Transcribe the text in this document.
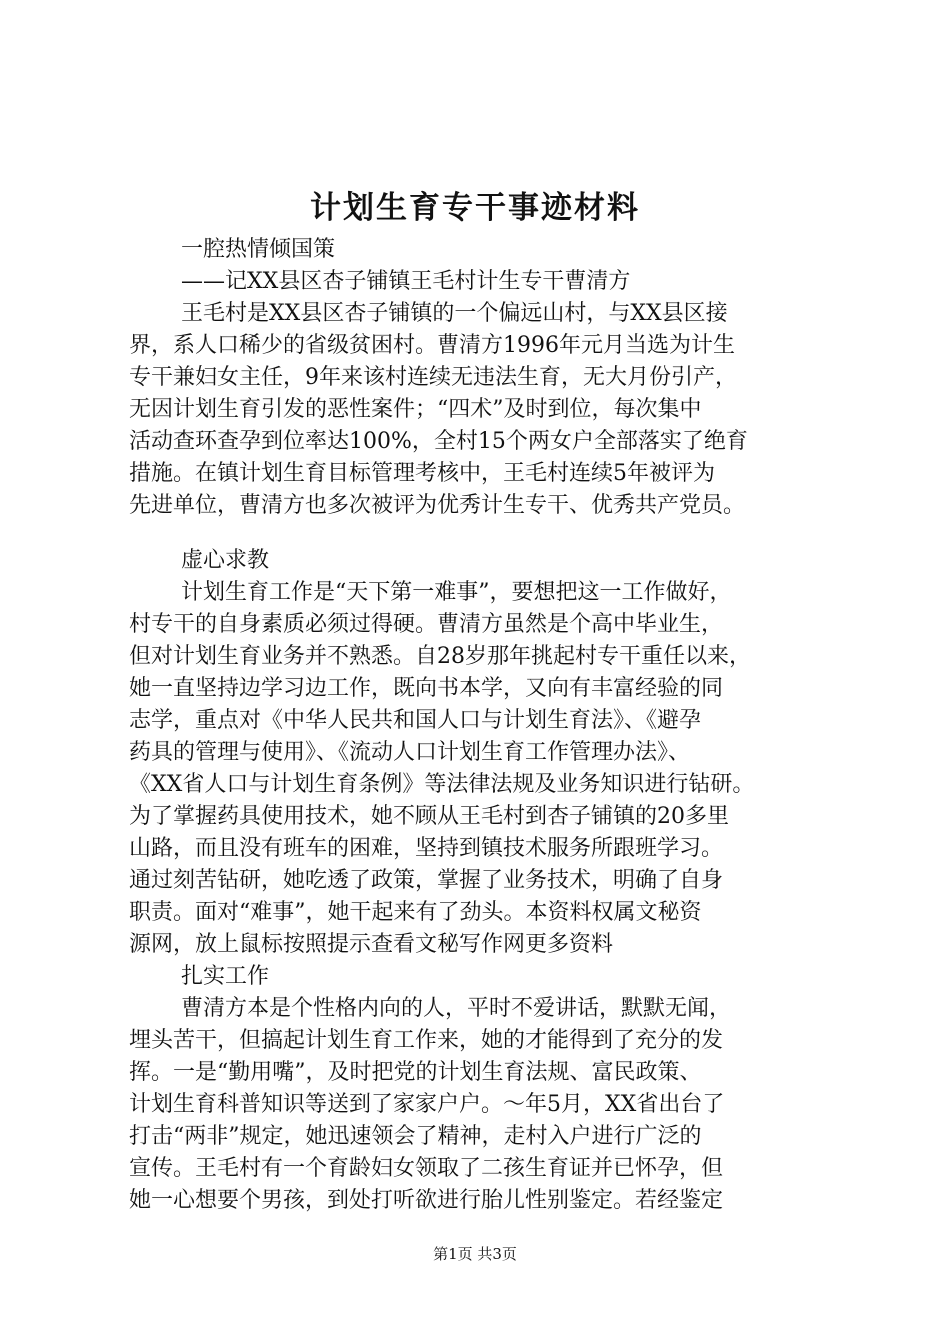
计划生育专干事迹材料
一腔热情倾国策
——记XX县区杏子铺镇王毛村计生专干曹清方
王毛村是XX县区杏子铺镇的一个偏远山村，与XX县区接
界，系人口稀少的省级贫困村。曹清方1996年元月当选为计生
专干兼妇女主任，9年来该村连续无违法生育，无大月份引产，
无因计划生育引发的恶性案件；“四术”及时到位，每次集中
活动查环查孕到位率达100%，全村15个两女户全部落实了绝育
措施。在镇计划生育目标管理考核中，王毛村连续5年被评为
先进单位，曹清方也多次被评为优秀计生专干、优秀共产党员。
虚心求教
计划生育工作是“天下第一难事”，要想把这一工作做好，
村专干的自身素质必须过得硬。曹清方虽然是个高中毕业生，
但对计划生育业务并不熟悉。自28岁那年挑起村专干重任以来，
她一直坚持边学习边工作，既向书本学，又向有丰富经验的同
志学，重点对《中华人民共和国人口与计划生育法》、《避孕
药具的管理与使用》、《流动人口计划生育工作管理办法》、
《XX省人口与计划生育条例》等法律法规及业务知识进行钻研。
为了掌握药具使用技术，她不顾从王毛村到杏子铺镇的20多里
山路，而且没有班车的困难，坚持到镇技术服务所跟班学习。
通过刻苦钻研，她吃透了政策，掌握了业务技术，明确了自身
职责。面对“难事”，她干起来有了劲头。本资料权属文秘资
源网，放上鼠标按照提示查看文秘写作网更多资料
扎实工作
曹清方本是个性格内向的人，平时不爱讲话，默默无闻，
埋头苦干，但搞起计划生育工作来，她的才能得到了充分的发
挥。一是“勤用嘴”，及时把党的计划生育法规、富民政策、
计划生育科普知识等送到了家家户户。～年5月，XX省出台了
打击“两非”规定，她迅速领会了精神，走村入户进行广泛的
宣传。王毛村有一个育龄妇女领取了二孩生育证并已怀孕，但
她一心想要个男孩，到处打听欲进行胎儿性别鉴定。若经鉴定
第1页 共3页
